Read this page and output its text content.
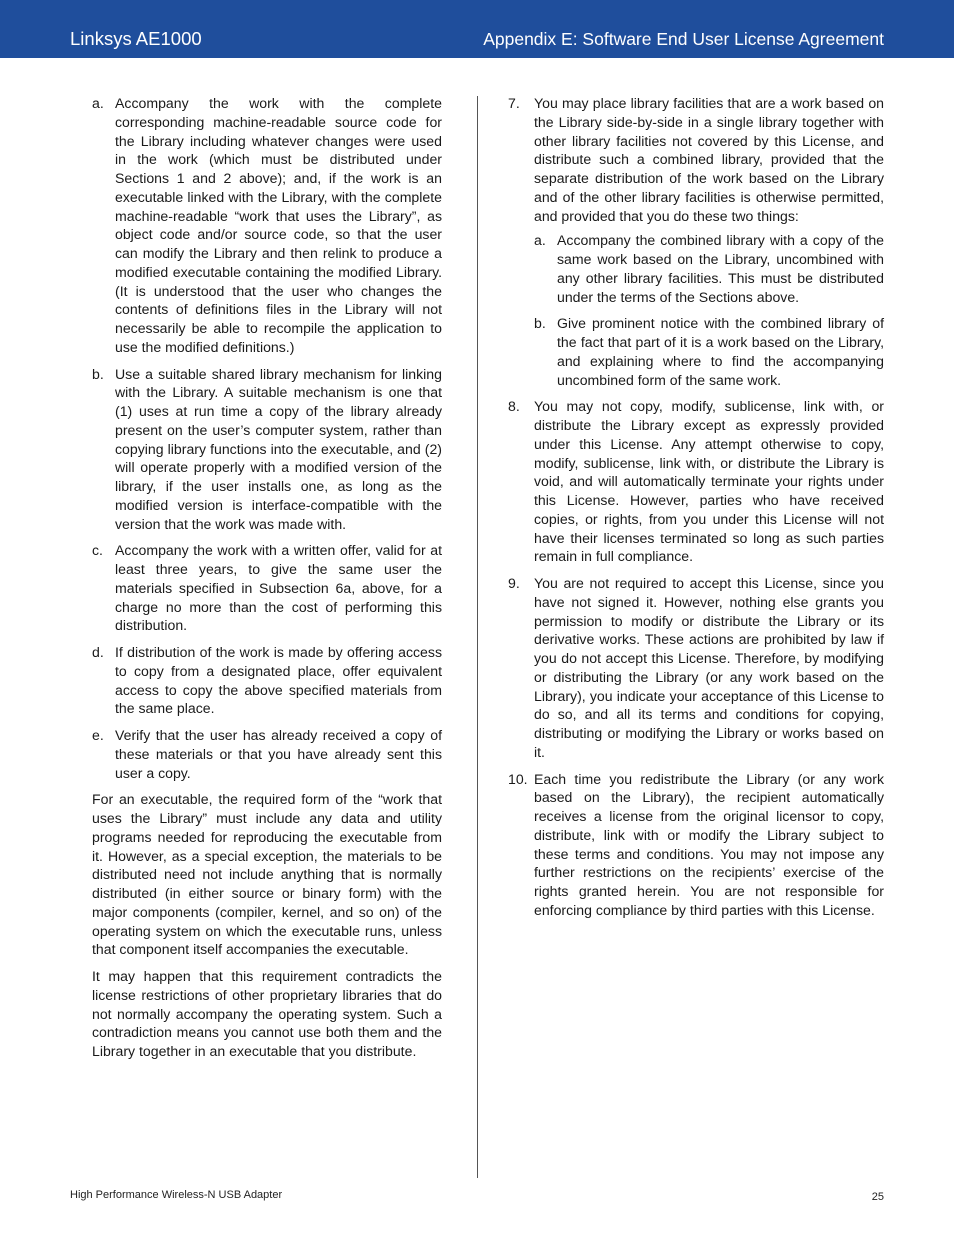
Linksys AE1000	Appendix E: Software End User License Agreement
a. Accompany the work with the complete corresponding machine-readable source code for the Library including whatever changes were used in the work (which must be distributed under Sections 1 and 2 above); and, if the work is an executable linked with the Library, with the complete machine-readable “work that uses the Library”, as object code and/or source code, so that the user can modify the Library and then relink to produce a modified executable containing the modified Library. (It is understood that the user who changes the contents of definitions files in the Library will not necessarily be able to recompile the application to use the modified definitions.)
b. Use a suitable shared library mechanism for linking with the Library. A suitable mechanism is one that (1) uses at run time a copy of the library already present on the user’s computer system, rather than copying library functions into the executable, and (2) will operate properly with a modified version of the library, if the user installs one, as long as the modified version is interface-compatible with the version that the work was made with.
c. Accompany the work with a written offer, valid for at least three years, to give the same user the materials specified in Subsection 6a, above, for a charge no more than the cost of performing this distribution.
d. If distribution of the work is made by offering access to copy from a designated place, offer equivalent access to copy the above specified materials from the same place.
e. Verify that the user has already received a copy of these materials or that you have already sent this user a copy.

For an executable, the required form of the “work that uses the Library” must include any data and utility programs needed for reproducing the executable from it. However, as a special exception, the materials to be distributed need not include anything that is normally distributed (in either source or binary form) with the major components (compiler, kernel, and so on) of the operating system on which the executable runs, unless that component itself accompanies the executable.

It may happen that this requirement contradicts the license restrictions of other proprietary libraries that do not normally accompany the operating system. Such a contradiction means you cannot use both them and the Library together in an executable that you distribute.

7. You may place library facilities that are a work based on the Library side-by-side in a single library together with other library facilities not covered by this License, and distribute such a combined library, provided that the separate distribution of the work based on the Library and of the other library facilities is otherwise permitted, and provided that you do these two things:
a. Accompany the combined library with a copy of the same work based on the Library, uncombined with any other library facilities. This must be distributed under the terms of the Sections above.
b. Give prominent notice with the combined library of the fact that part of it is a work based on the Library, and explaining where to find the accompanying uncombined form of the same work.
8. You may not copy, modify, sublicense, link with, or distribute the Library except as expressly provided under this License. Any attempt otherwise to copy, modify, sublicense, link with, or distribute the Library is void, and will automatically terminate your rights under this License. However, parties who have received copies, or rights, from you under this License will not have their licenses terminated so long as such parties remain in full compliance.
9. You are not required to accept this License, since you have not signed it. However, nothing else grants you permission to modify or distribute the Library or its derivative works. These actions are prohibited by law if you do not accept this License. Therefore, by modifying or distributing the Library (or any work based on the Library), you indicate your acceptance of this License to do so, and all its terms and conditions for copying, distributing or modifying the Library or works based on it.
10. Each time you redistribute the Library (or any work based on the Library), the recipient automatically receives a license from the original licensor to copy, distribute, link with or modify the Library subject to these terms and conditions. You may not impose any further restrictions on the recipients’ exercise of the rights granted herein. You are not responsible for enforcing compliance by third parties with this License.
High Performance Wireless-N USB Adapter	25
